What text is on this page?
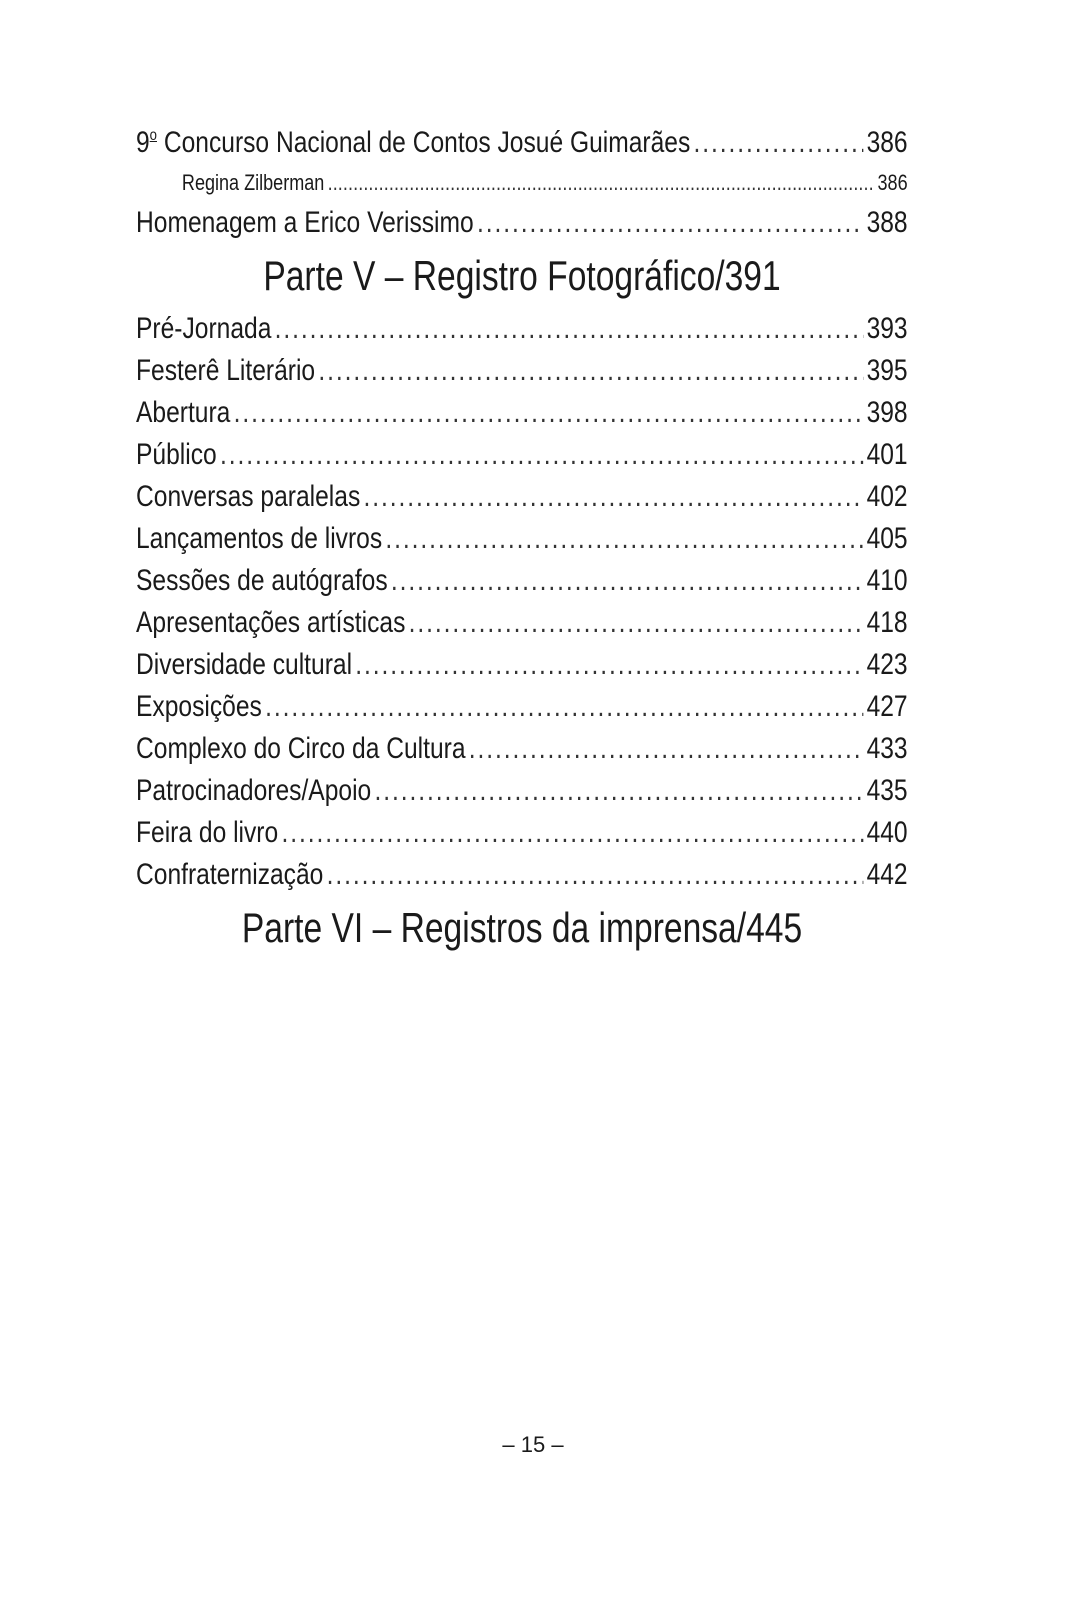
9$^o$ Concurso Nacional de Contos Josué Guimarães . . .	386
Regina Zilberman . . .	386
Homenagem a Erico Verissimo . . .	388
Parte V – Registro Fotográfico/391
Pré-Jornada . . .	393
Festerê Literário . . .	395
Abertura . . .	398
Público . . .	401
Conversas paralelas . . .	402
Lançamentos de livros . . .	405
Sessões de autógrafos . . .	410
Apresentações artísticas . . .	418
Diversidade cultural . . .	423
Exposições . . .	427
Complexo do Circo da Cultura . . .	433
Patrocinadores/Apoio . . .	435
Feira do livro . . .	440
Confraternização . . .	442
Parte VI – Registros da imprensa/445
– 15 –
